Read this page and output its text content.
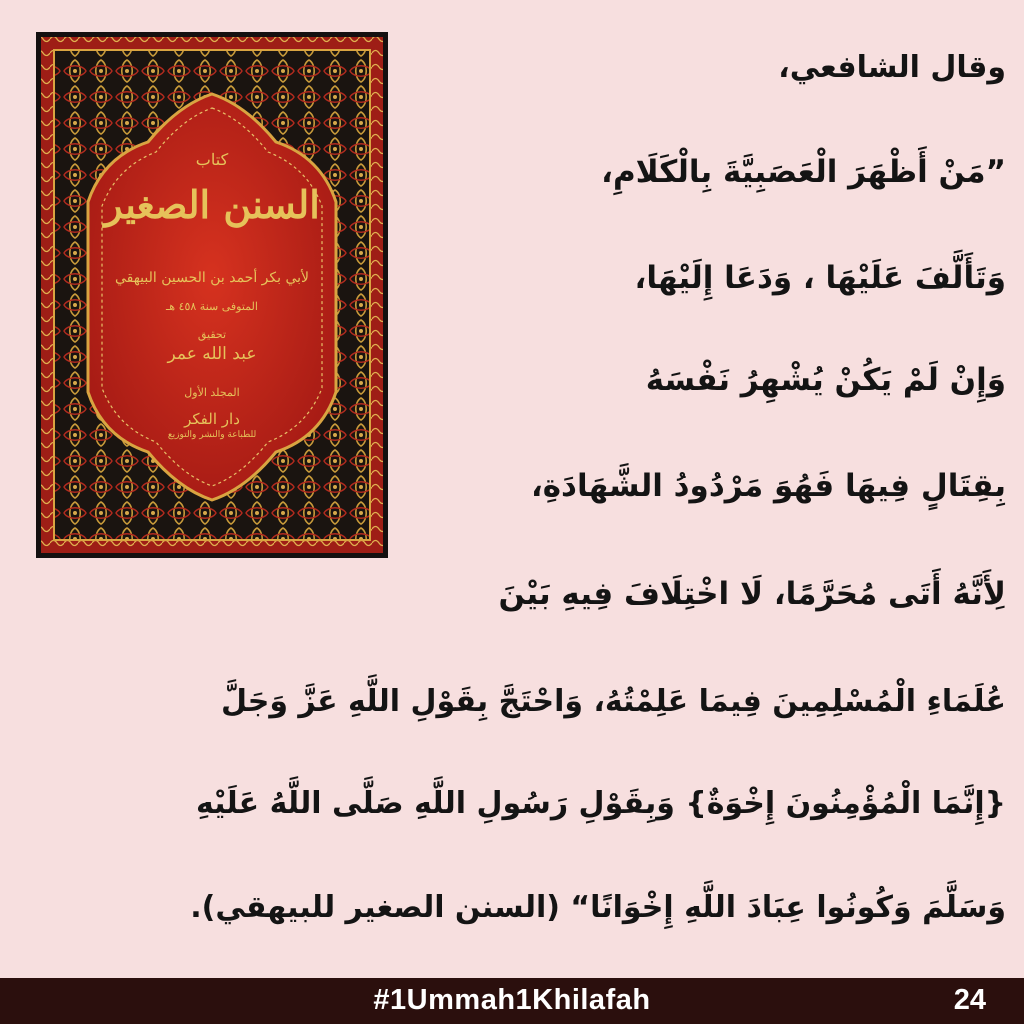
كتاب
السنن الصغير
لأبي بكر أحمد بن الحسين البيهقي
المتوفى سنة ٤٥٨ هـ
تحقيق
عبد الله عمر
المجلد الأول
دار الفكر
للطباعة والنشر والتوزيع
وقال الشافعي،
”مَنْ أَظْهَرَ الْعَصَبِيَّةَ بِالْكَلَامِ،
وَتَأَلَّفَ عَلَيْهَا ، وَدَعَا إِلَيْهَا،
وَإِنْ لَمْ يَكُنْ يُشْهِرُ نَفْسَهُ
بِقِتَالٍ فِيهَا فَهُوَ مَرْدُودُ الشَّهَادَةِ،
لِأَنَّهُ أَتَى مُحَرَّمًا، لَا اخْتِلَافَ فِيهِ بَيْنَ
عُلَمَاءِ الْمُسْلِمِينَ فِيمَا عَلِمْتُهُ، وَاحْتَجَّ بِقَوْلِ اللَّهِ عَزَّ وَجَلَّ
{إِنَّمَا الْمُؤْمِنُونَ إِخْوَةٌ} وَبِقَوْلِ رَسُولِ اللَّهِ صَلَّى اللَّهُ عَلَيْهِ
وَسَلَّمَ وَكُونُوا عِبَادَ اللَّهِ إِخْوَانًا“ (السنن الصغير للبيهقي).
#1Ummah1Khilafah	24
